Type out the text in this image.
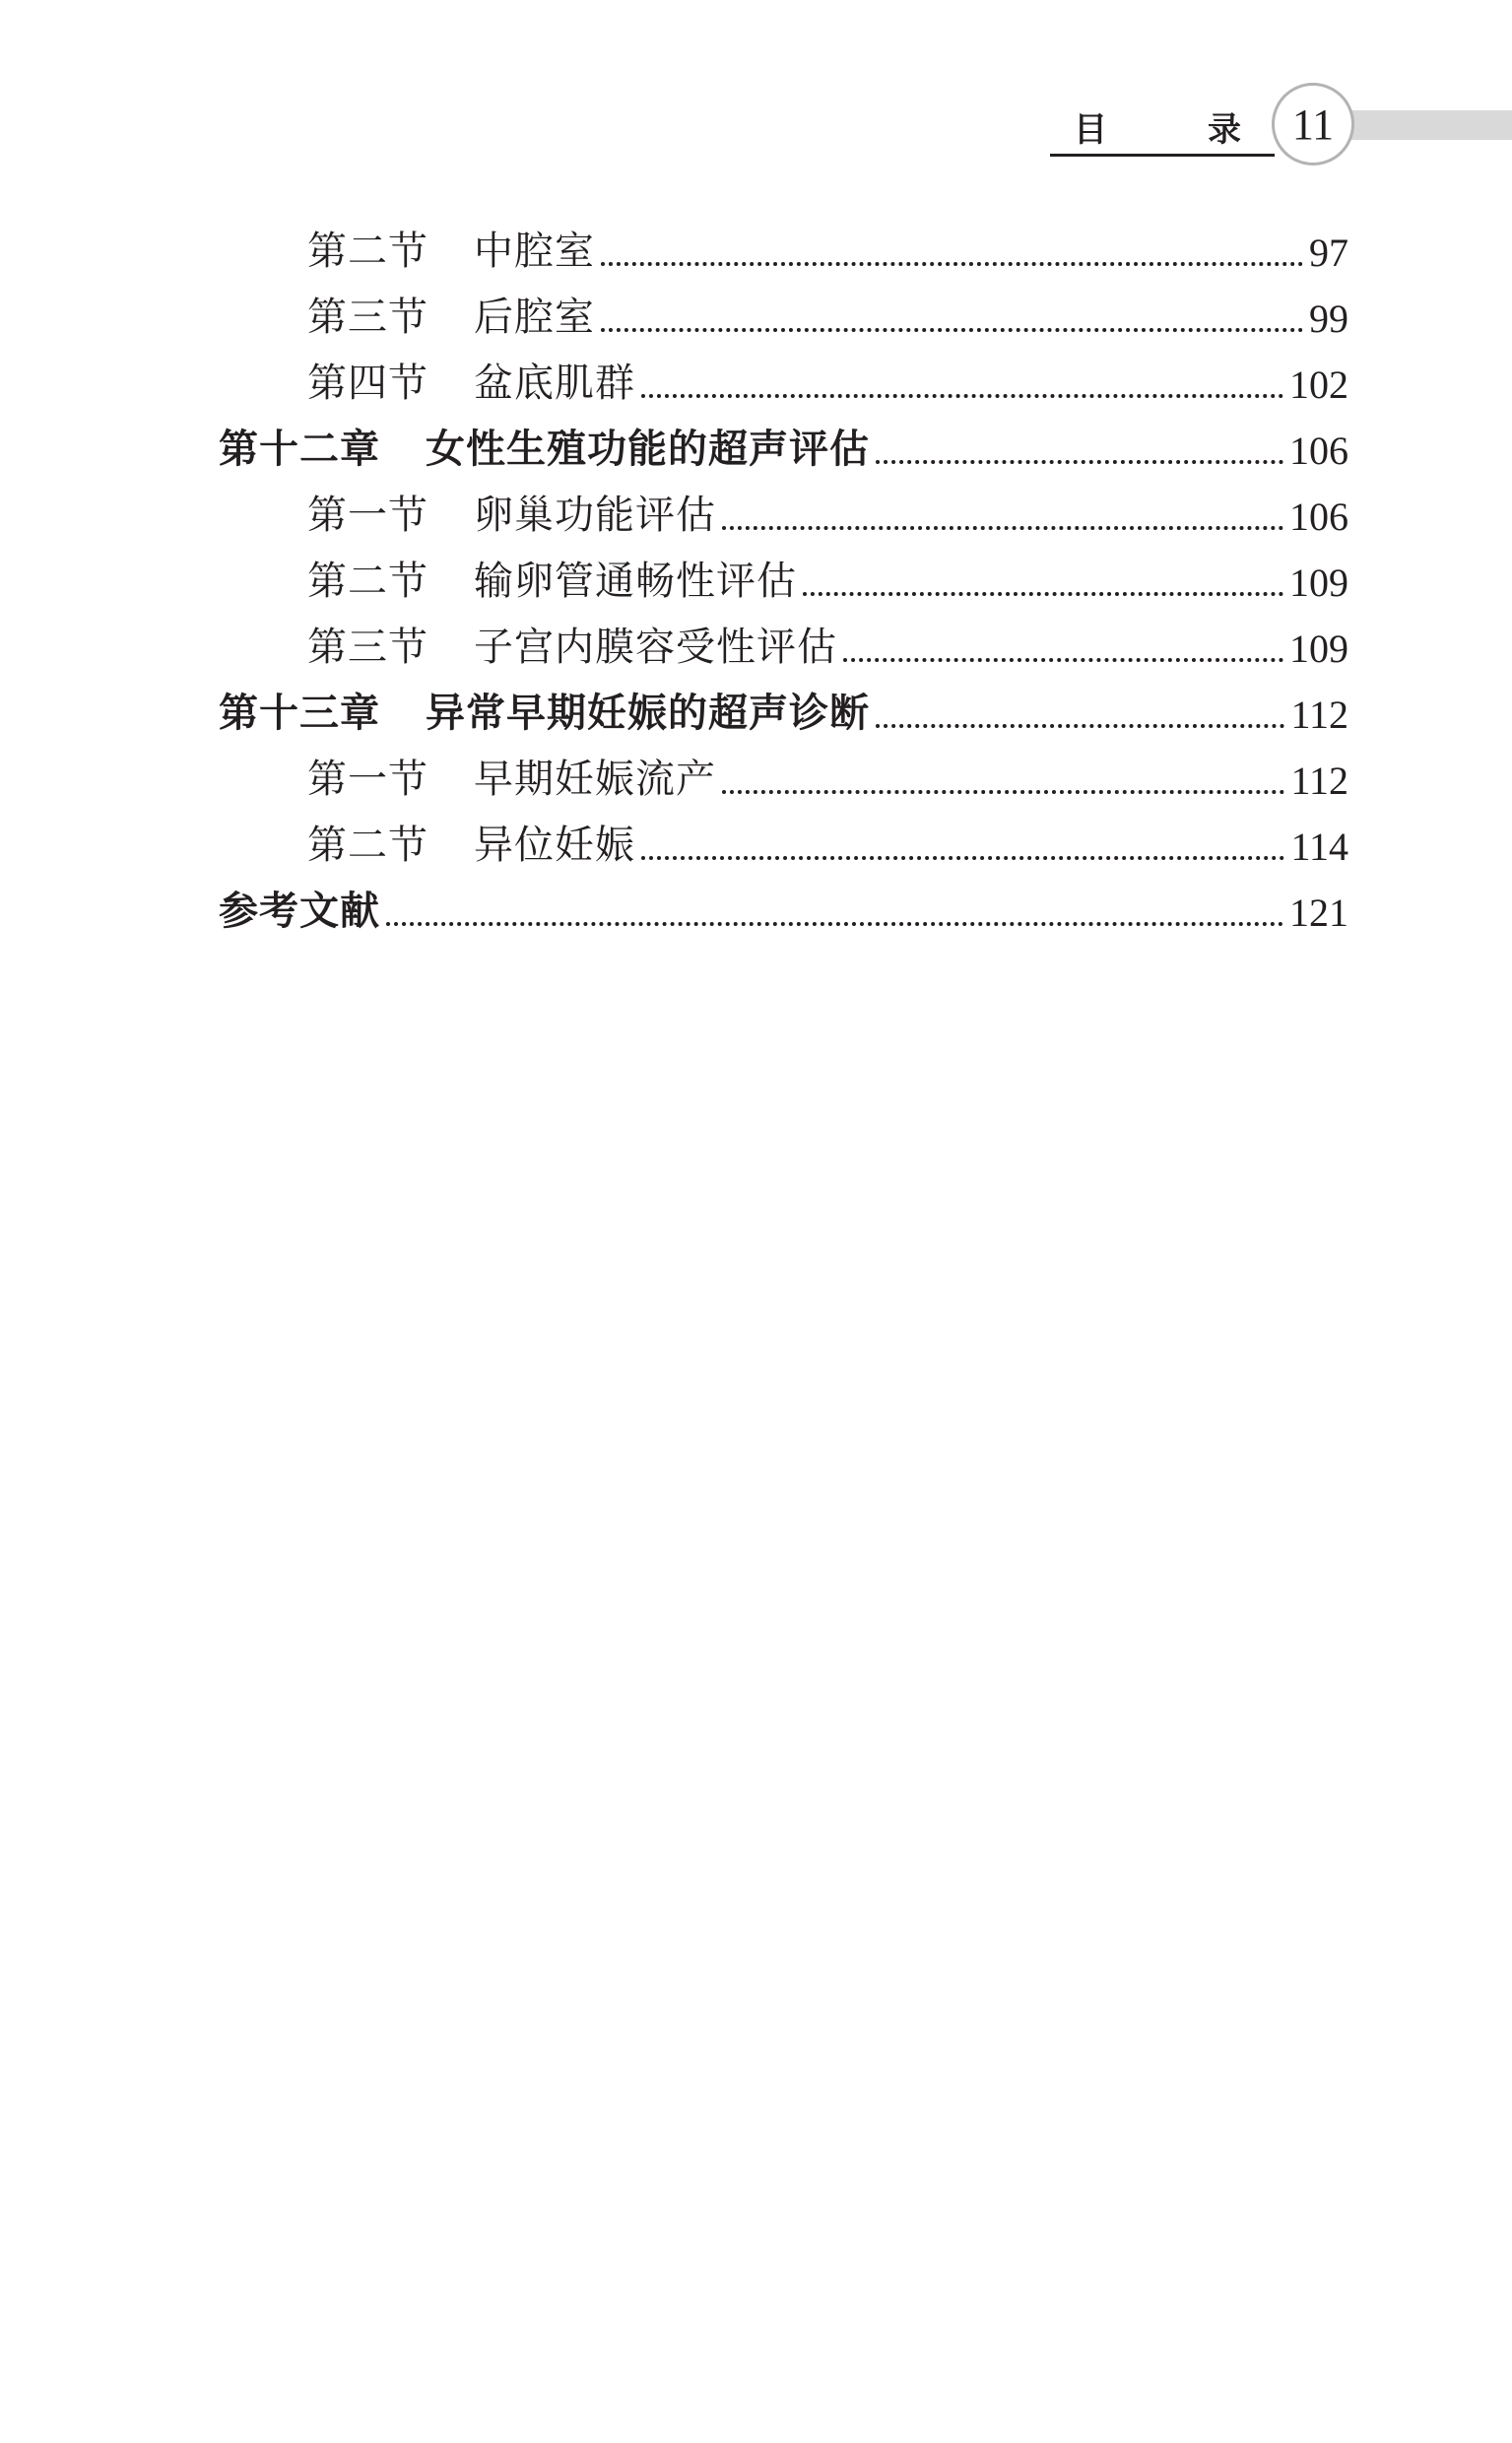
目	录 11
第二节 中腔室	97
第三节 后腔室	99
第四节 盆底肌群	102
第十二章 女性生殖功能的超声评估	106
第一节 卵巢功能评估	106
第二节 输卵管通畅性评估	109
第三节 子宫内膜容受性评估	109
第十三章 异常早期妊娠的超声诊断	112
第一节 早期妊娠流产	112
第二节 异位妊娠	114
参考文献	121
